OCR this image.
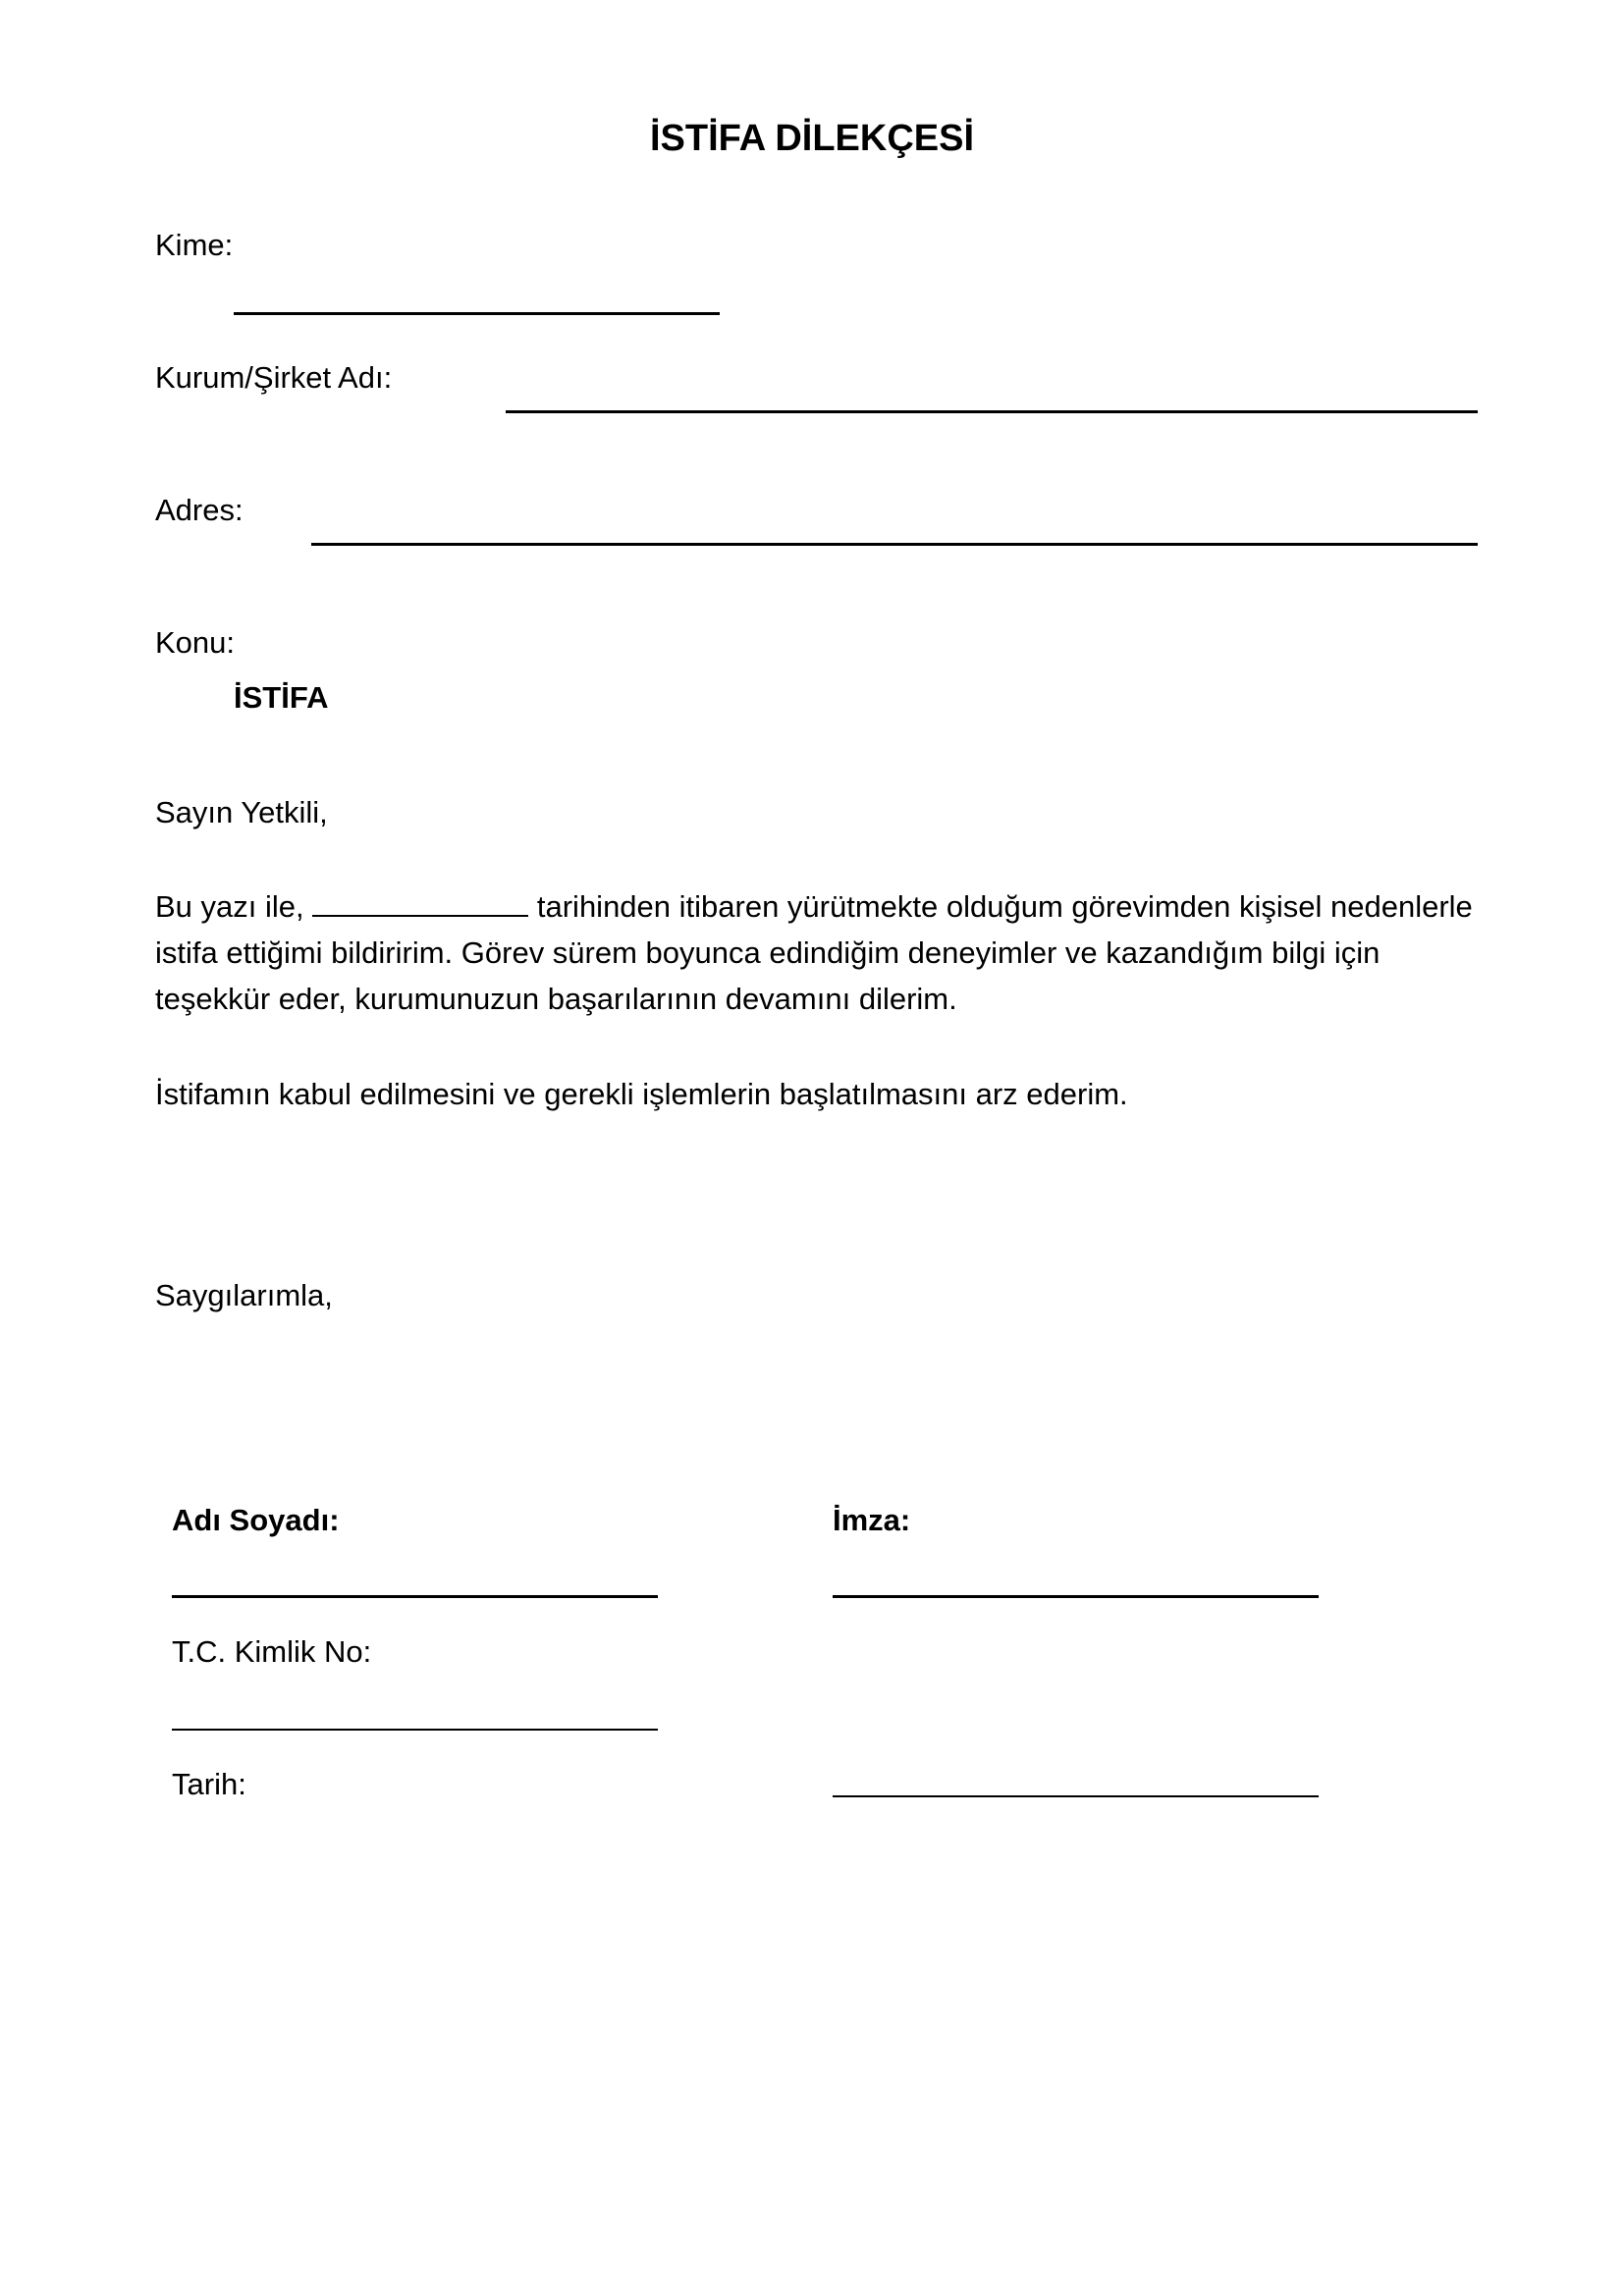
İSTİFA DİLEKÇESİ
Kime:
Kurum/Şirket Adı:
Adres:
Konu:
İSTİFA
Sayın Yetkili,

Bu yazı ile,	tarihinden itibaren yürütmekte olduğum görevimden kişisel nedenlerle istifa ettiğimi bildiririm. Görev sürem boyunca edindiğim deneyimler ve kazandığım bilgi için teşekkür eder, kurumunuzun başarılarının devamını dilerim.

İstifamın kabul edilmesini ve gerekli işlemlerin başlatılmasını arz ederim.
Saygılarımla,
Adı Soyadı:	İmza:
T.C. Kimlik No:
Tarih:
